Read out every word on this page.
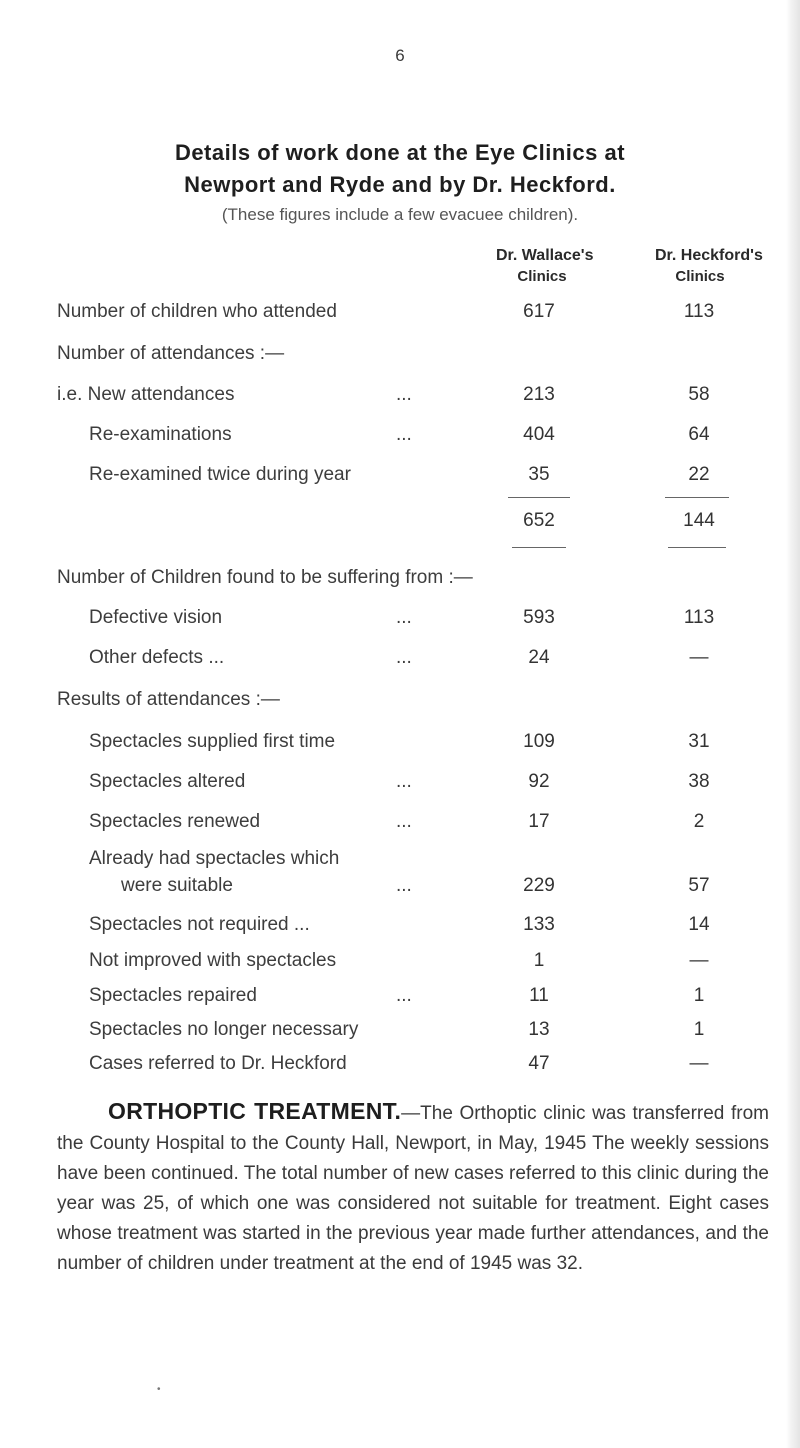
6
Details of work done at the Eye Clinics at
Newport and Ryde and by Dr. Heckford.
(These figures include a few evacuee children).
Dr. Wallace's
Clinics
Dr. Heckford's
Clinics
Number of children who attended	617	113
Number of attendances :—
i.e. New attendances	...	213	58
Re-examinations	...	404	64
Re-examined twice during year	35	22
652	144
Number of Children found to be suffering from :—
Defective vision	...	593	113
Other defects ...	...	24	—
Results of attendances :—
Spectacles supplied first time	109	31
Spectacles altered	...	92	38
Spectacles renewed	...	17	2
Already had spectacles which
were suitable	...	229	57
Spectacles not required ...	133	14
Not improved with spectacles	1	—
Spectacles repaired	...	11	1
Spectacles no longer necessary	13	1
Cases referred to Dr. Heckford	47	—
ORTHOPTIC TREATMENT.—The Orthoptic clinic was transferred from the County Hospital to the County Hall, Newport, in May, 1945 The weekly sessions have been continued. The total number of new cases referred to this clinic during the year was 25, of which one was considered not suitable for treatment. Eight cases whose treatment was started in the previous year made further attendances, and the number of children under treatment at the end of 1945 was 32.
•
